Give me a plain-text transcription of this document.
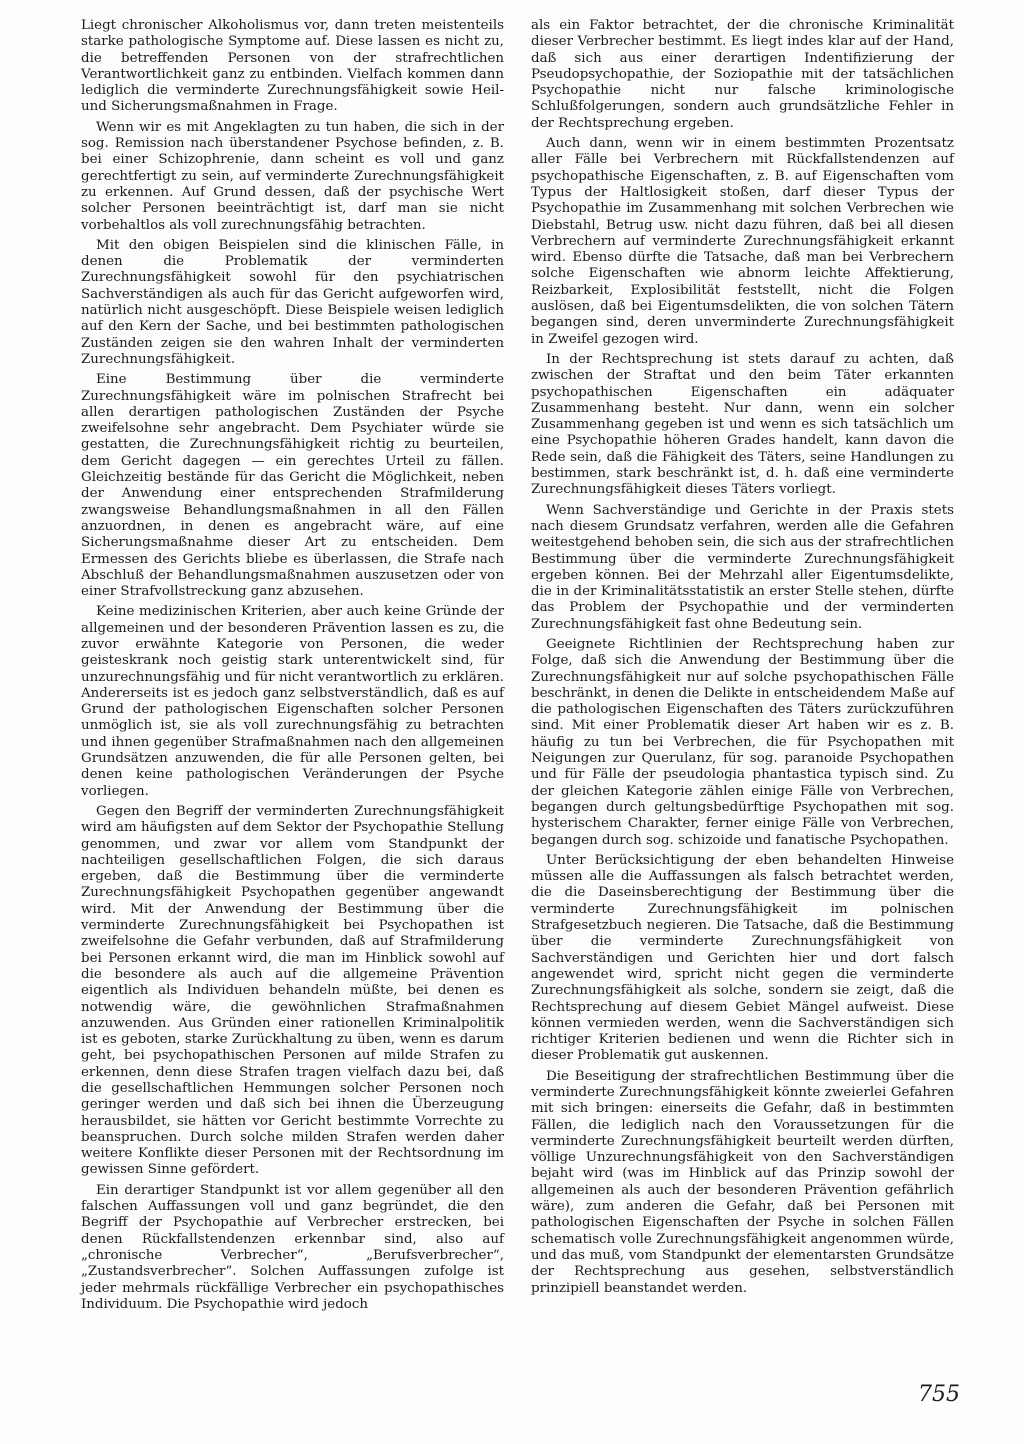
Liegt chronischer Alkoholismus vor, dann treten meistenteils starke pathologische Symptome auf. Diese lassen es nicht zu, die betreffenden Personen von der strafrechtlichen Verantwortlichkeit ganz zu entbinden. Vielfach kommen dann lediglich die verminderte Zurechnungsfähigkeit sowie Heil- und Sicherungsmaßnahmen in Frage.

Wenn wir es mit Angeklagten zu tun haben, die sich in der sog. Remission nach überstandener Psychose befinden, z. B. bei einer Schizophrenie, dann scheint es voll und ganz gerechtfertigt zu sein, auf verminderte Zurechnungsfähigkeit zu erkennen. Auf Grund dessen, daß der psychische Wert solcher Personen beeinträchtigt ist, darf man sie nicht vorbehaltlos als voll zurechnungsfähig betrachten.

Mit den obigen Beispielen sind die klinischen Fälle, in denen die Problematik der verminderten Zurechnungsfähigkeit sowohl für den psychiatrischen Sachverständigen als auch für das Gericht aufgeworfen wird, natürlich nicht ausgeschöpft. Diese Beispiele weisen lediglich auf den Kern der Sache, und bei bestimmten pathologischen Zuständen zeigen sie den wahren Inhalt der verminderten Zurechnungsfähigkeit.

Eine Bestimmung über die verminderte Zurechnungsfähigkeit wäre im polnischen Strafrecht bei allen derartigen pathologischen Zuständen der Psyche zweifelsohne sehr angebracht. Dem Psychiater würde sie gestatten, die Zurechnungsfähigkeit richtig zu beurteilen, dem Gericht dagegen — ein gerechtes Urteil zu fällen. Gleichzeitig bestände für das Gericht die Möglichkeit, neben der Anwendung einer entsprechenden Strafmilderung zwangsweise Behandlungsmaßnahmen in all den Fällen anzuordnen, in denen es angebracht wäre, auf eine Sicherungsmaßnahme dieser Art zu entscheiden. Dem Ermessen des Gerichts bliebe es überlassen, die Strafe nach Abschluß der Behandlungsmaßnahmen auszusetzen oder von einer Strafvollstreckung ganz abzusehen.

Keine medizinischen Kriterien, aber auch keine Gründe der allgemeinen und der besonderen Prävention lassen es zu, die zuvor erwähnte Kategorie von Personen, die weder geisteskrank noch geistig stark unterentwickelt sind, für unzurechnungsfähig und für nicht verantwortlich zu erklären. Andererseits ist es jedoch ganz selbstverständlich, daß es auf Grund der pathologischen Eigenschaften solcher Personen unmöglich ist, sie als voll zurechnungsfähig zu betrachten und ihnen gegenüber Strafmaßnahmen nach den allgemeinen Grundsätzen anzuwenden, die für alle Personen gelten, bei denen keine pathologischen Veränderungen der Psyche vorliegen.

Gegen den Begriff der verminderten Zurechnungsfähigkeit wird am häufigsten auf dem Sektor der Psychopathie Stellung genommen, und zwar vor allem vom Standpunkt der nachteiligen gesellschaftlichen Folgen, die sich daraus ergeben, daß die Bestimmung über die verminderte Zurechnungsfähigkeit Psychopathen gegenüber angewandt wird. Mit der Anwendung der Bestimmung über die verminderte Zurechnungsfähigkeit bei Psychopathen ist zweifelsohne die Gefahr verbunden, daß auf Strafmilderung bei Personen erkannt wird, die man im Hinblick sowohl auf die besondere als auch auf die allgemeine Prävention eigentlich als Individuen behandeln müßte, bei denen es notwendig wäre, die gewöhnlichen Strafmaßnahmen anzuwenden. Aus Gründen einer rationellen Kriminalpolitik ist es geboten, starke Zurückhaltung zu üben, wenn es darum geht, bei psychopathischen Personen auf milde Strafen zu erkennen, denn diese Strafen tragen vielfach dazu bei, daß die gesellschaftlichen Hemmungen solcher Personen noch geringer werden und daß sich bei ihnen die Überzeugung herausbildet, sie hätten vor Gericht bestimmte Vorrechte zu beanspruchen. Durch solche milden Strafen werden daher weitere Konflikte dieser Personen mit der Rechtsordnung im gewissen Sinne gefördert.

Ein derartiger Standpunkt ist vor allem gegenüber all den falschen Auffassungen voll und ganz begründet, die den Begriff der Psychopathie auf Verbrecher erstrecken, bei denen Rückfallstendenzen erkennbar sind, also auf „chronische Verbrecher“, „Berufsverbrecher“, „Zustandsverbrecher“. Solchen Auffassungen zufolge ist jeder mehrmals rückfällige Verbrecher ein psychopathisches Individuum. Die Psychopathie wird jedoch

als ein Faktor betrachtet, der die chronische Kriminalität dieser Verbrecher bestimmt. Es liegt indes klar auf der Hand, daß sich aus einer derartigen Indentifizierung der Pseudopsychopathie, der Soziopathie mit der tatsächlichen Psychopathie nicht nur falsche kriminologische Schlußfolgerungen, sondern auch grundsätzliche Fehler in der Rechtsprechung ergeben.

Auch dann, wenn wir in einem bestimmten Prozentsatz aller Fälle bei Verbrechern mit Rückfallstendenzen auf psychopathische Eigenschaften, z. B. auf Eigenschaften vom Typus der Haltlosigkeit stoßen, darf dieser Typus der Psychopathie im Zusammenhang mit solchen Verbrechen wie Diebstahl, Betrug usw. nicht dazu führen, daß bei all diesen Verbrechern auf verminderte Zurechnungsfähigkeit erkannt wird. Ebenso dürfte die Tatsache, daß man bei Verbrechern solche Eigenschaften wie abnorm leichte Affektierung, Reizbarkeit, Explosibilität feststellt, nicht die Folgen auslösen, daß bei Eigentumsdelikten, die von solchen Tätern begangen sind, deren unverminderte Zurechnungsfähigkeit in Zweifel gezogen wird.

In der Rechtsprechung ist stets darauf zu achten, daß zwischen der Straftat und den beim Täter erkannten psychopathischen Eigenschaften ein adäquater Zusammenhang besteht. Nur dann, wenn ein solcher Zusammenhang gegeben ist und wenn es sich tatsächlich um eine Psychopathie höheren Grades handelt, kann davon die Rede sein, daß die Fähigkeit des Täters, seine Handlungen zu bestimmen, stark beschränkt ist, d. h. daß eine verminderte Zurechnungsfähigkeit dieses Täters vorliegt.

Wenn Sachverständige und Gerichte in der Praxis stets nach diesem Grundsatz verfahren, werden alle die Gefahren weitestgehend behoben sein, die sich aus der strafrechtlichen Bestimmung über die verminderte Zurechnungsfähigkeit ergeben können. Bei der Mehrzahl aller Eigentumsdelikte, die in der Kriminalitätsstatistik an erster Stelle stehen, dürfte das Problem der Psychopathie und der verminderten Zurechnungsfähigkeit fast ohne Bedeutung sein.

Geeignete Richtlinien der Rechtsprechung haben zur Folge, daß sich die Anwendung der Bestimmung über die Zurechnungsfähigkeit nur auf solche psychopathischen Fälle beschränkt, in denen die Delikte in entscheidendem Maße auf die pathologischen Eigenschaften des Täters zurückzuführen sind. Mit einer Problematik dieser Art haben wir es z. B. häufig zu tun bei Verbrechen, die für Psychopathen mit Neigungen zur Querulanz, für sog. paranoide Psychopathen und für Fälle der pseudologia phantastica typisch sind. Zu der gleichen Kategorie zählen einige Fälle von Verbrechen, begangen durch geltungsbedürftige Psychopathen mit sog. hysterischem Charakter, ferner einige Fälle von Verbrechen, begangen durch sog. schizoide und fanatische Psychopathen.

Unter Berücksichtigung der eben behandelten Hinweise müssen alle die Auffassungen als falsch betrachtet werden, die die Daseinsberechtigung der Bestimmung über die verminderte Zurechnungsfähigkeit im polnischen Strafgesetzbuch negieren. Die Tatsache, daß die Bestimmung über die verminderte Zurechnungsfähigkeit von Sachverständigen und Gerichten hier und dort falsch angewendet wird, spricht nicht gegen die verminderte Zurechnungsfähigkeit als solche, sondern sie zeigt, daß die Rechtsprechung auf diesem Gebiet Mängel aufweist. Diese können vermieden werden, wenn die Sachverständigen sich richtiger Kriterien bedienen und wenn die Richter sich in dieser Problematik gut auskennen.

Die Beseitigung der strafrechtlichen Bestimmung über die verminderte Zurechnungsfähigkeit könnte zweierlei Gefahren mit sich bringen: einerseits die Gefahr, daß in bestimmten Fällen, die lediglich nach den Voraussetzungen für die verminderte Zurechnungsfähigkeit beurteilt werden dürften, völlige Unzurechnungsfähigkeit von den Sachverständigen bejaht wird (was im Hinblick auf das Prinzip sowohl der allgemeinen als auch der besonderen Prävention gefährlich wäre), zum anderen die Gefahr, daß bei Personen mit pathologischen Eigenschaften der Psyche in solchen Fällen schematisch volle Zurechnungsfähigkeit angenommen würde, und das muß, vom Standpunkt der elementarsten Grundsätze der Rechtsprechung aus gesehen, selbstverständlich prinzipiell beanstandet werden.

755
